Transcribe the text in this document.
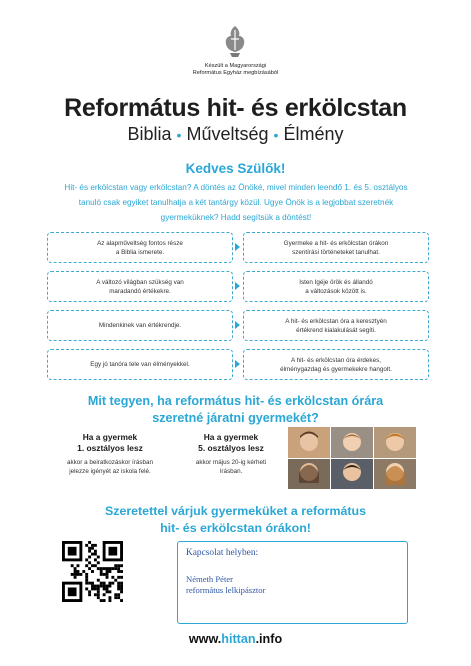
Készült a Magyarországi
Református Egyház megbízásából
Református hit- és erkölcstan
Biblia • Műveltség • Élmény
Kedves Szülők!
Hit- és erkölcstan vagy erkölcstan? A döntés az Önöké, mivel minden leendő 1. és 5. osztályos tanuló csak egyiket tanulhatja a két tantárgy közül. Ugye Önök is a legjobbat szeretnék gyermeküknek? Hadd segítsük a döntést!
Az alapműveltség fontos része
a Biblia ismerete.
Gyermeke a hit- és erkölcstan órákon
szentírási történeteket tanulhat.
A változó világban szükség van
maradandó értékekre.
Isten Igéje örök és állandó
a változások között is.
Mindenkinek van értékrendje.
A hit- és erkölcstan óra a keresztyén
értékrend kialakulását segíti.
Egy jó tanóra tele van élményekkel.
A hit- és erkölcstan óra érdekes,
élménygazdag és gyermekekre hangolt.
Mit tegyen, ha református hit- és erkölcstan órára
szeretné járatni gyermekét?
Ha a gyermek
1. osztályos lesz
akkor a beiratkozáskor írásban
jelezze igényét az iskola felé.
Ha a gyermek
5. osztályos lesz
akkor május 20-ig kérheti
írásban.
Szeretettel várjuk gyermeküket a református
hit- és erkölcstan órákon!
Kapcsolat helyben:
Németh Péter
református lelkipásztor
www.hittan.info
